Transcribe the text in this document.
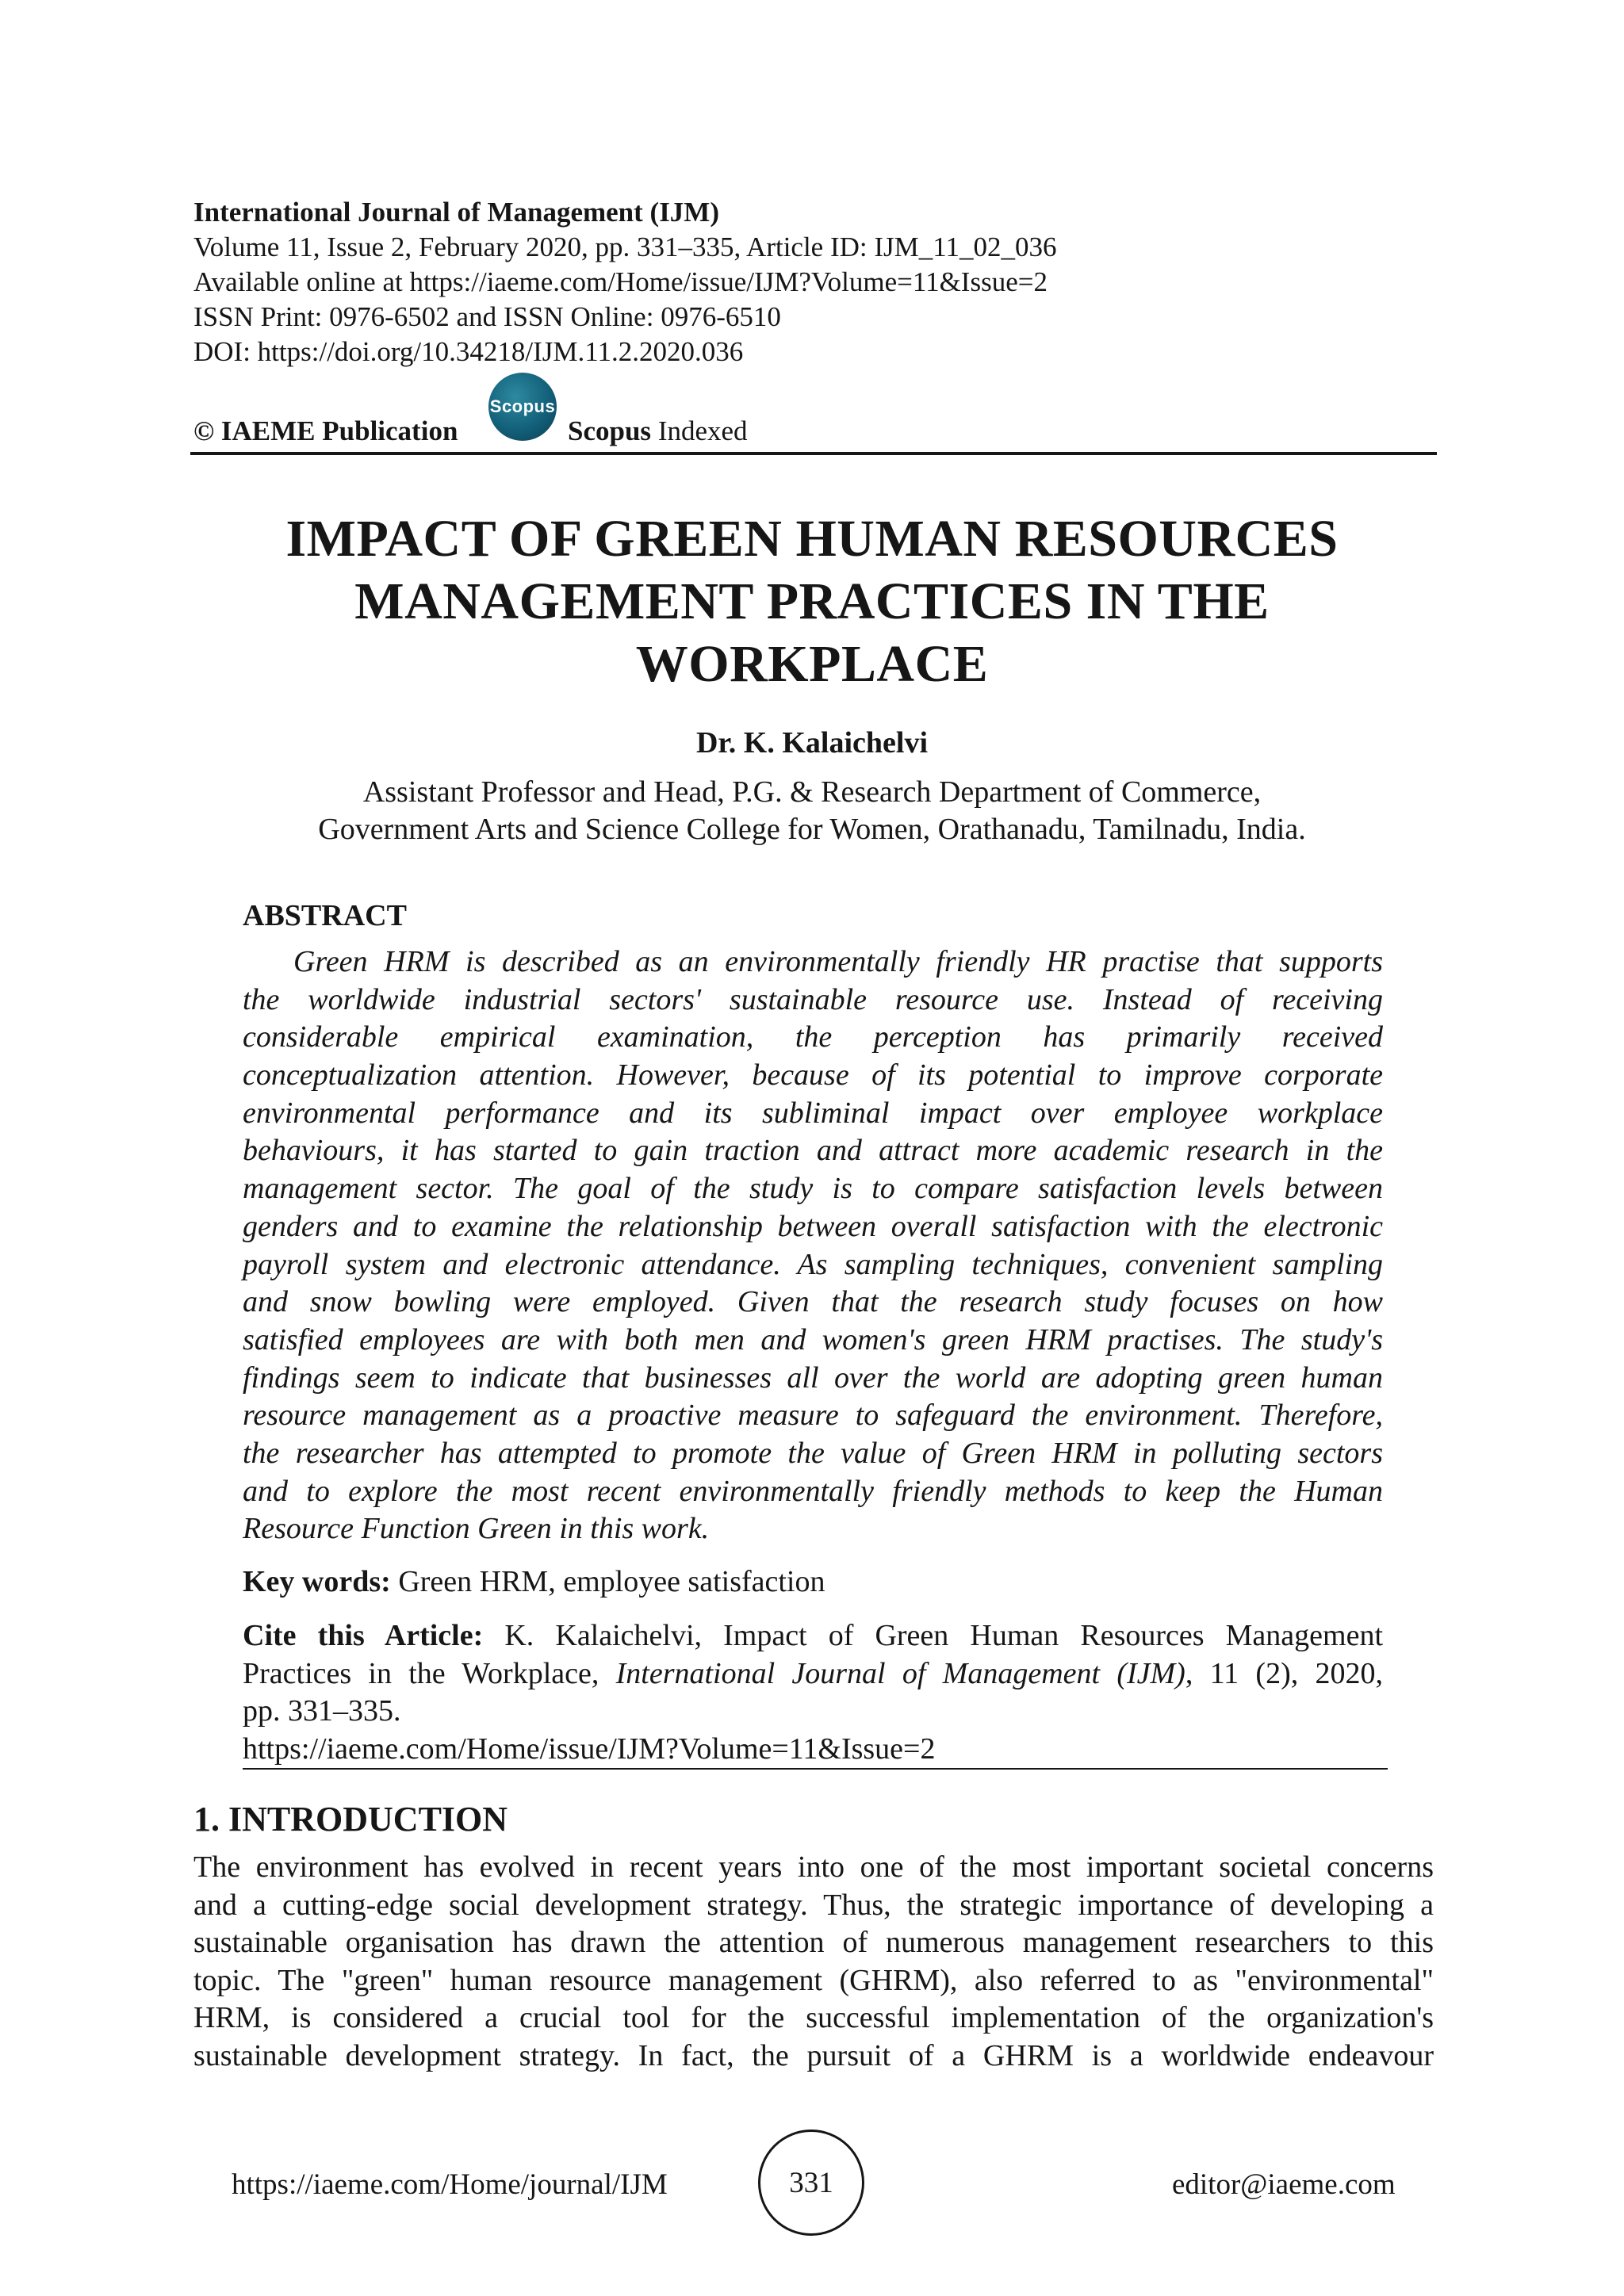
International Journal of Management (IJM)
Volume 11, Issue 2, February 2020, pp. 331–335, Article ID: IJM_11_02_036
Available online at https://iaeme.com/Home/issue/IJM?Volume=11&Issue=2
ISSN Print: 0976-6502 and ISSN Online: 0976-6510
DOI: https://doi.org/10.34218/IJM.11.2.2020.036
© IAEME Publication
Scopus
Scopus Indexed
IMPACT OF GREEN HUMAN RESOURCES
MANAGEMENT PRACTICES IN THE
WORKPLACE
Dr. K. Kalaichelvi
Assistant Professor and Head, P.G. & Research Department of Commerce,
Government Arts and Science College for Women, Orathanadu, Tamilnadu, India.
ABSTRACT
Green HRM is described as an environmentally friendly HR practise that supports
the worldwide industrial sectors' sustainable resource use. Instead of receiving
considerable empirical examination, the perception has primarily received
conceptualization attention. However, because of its potential to improve corporate
environmental performance and its subliminal impact over employee workplace
behaviours, it has started to gain traction and attract more academic research in the
management sector. The goal of the study is to compare satisfaction levels between
genders and to examine the relationship between overall satisfaction with the electronic
payroll system and electronic attendance. As sampling techniques, convenient sampling
and snow bowling were employed. Given that the research study focuses on how
satisfied employees are with both men and women's green HRM practises. The study's
findings seem to indicate that businesses all over the world are adopting green human
resource management as a proactive measure to safeguard the environment. Therefore,
the researcher has attempted to promote the value of Green HRM in polluting sectors
and to explore the most recent environmentally friendly methods to keep the Human
Resource Function Green in this work.
Key words: Green HRM, employee satisfaction
Cite this Article: K. Kalaichelvi, Impact of Green Human Resources Management
Practices in the Workplace, International Journal of Management (IJM), 11 (2), 2020,
pp. 331–335.
https://iaeme.com/Home/issue/IJM?Volume=11&Issue=2
1. INTRODUCTION
The environment has evolved in recent years into one of the most important societal concerns
and a cutting-edge social development strategy. Thus, the strategic importance of developing a
sustainable organisation has drawn the attention of numerous management researchers to this
topic. The "green" human resource management (GHRM), also referred to as "environmental"
HRM, is considered a crucial tool for the successful implementation of the organization's
sustainable development strategy. In fact, the pursuit of a GHRM is a worldwide endeavour
https://iaeme.com/Home/journal/IJM	331	editor@iaeme.com
